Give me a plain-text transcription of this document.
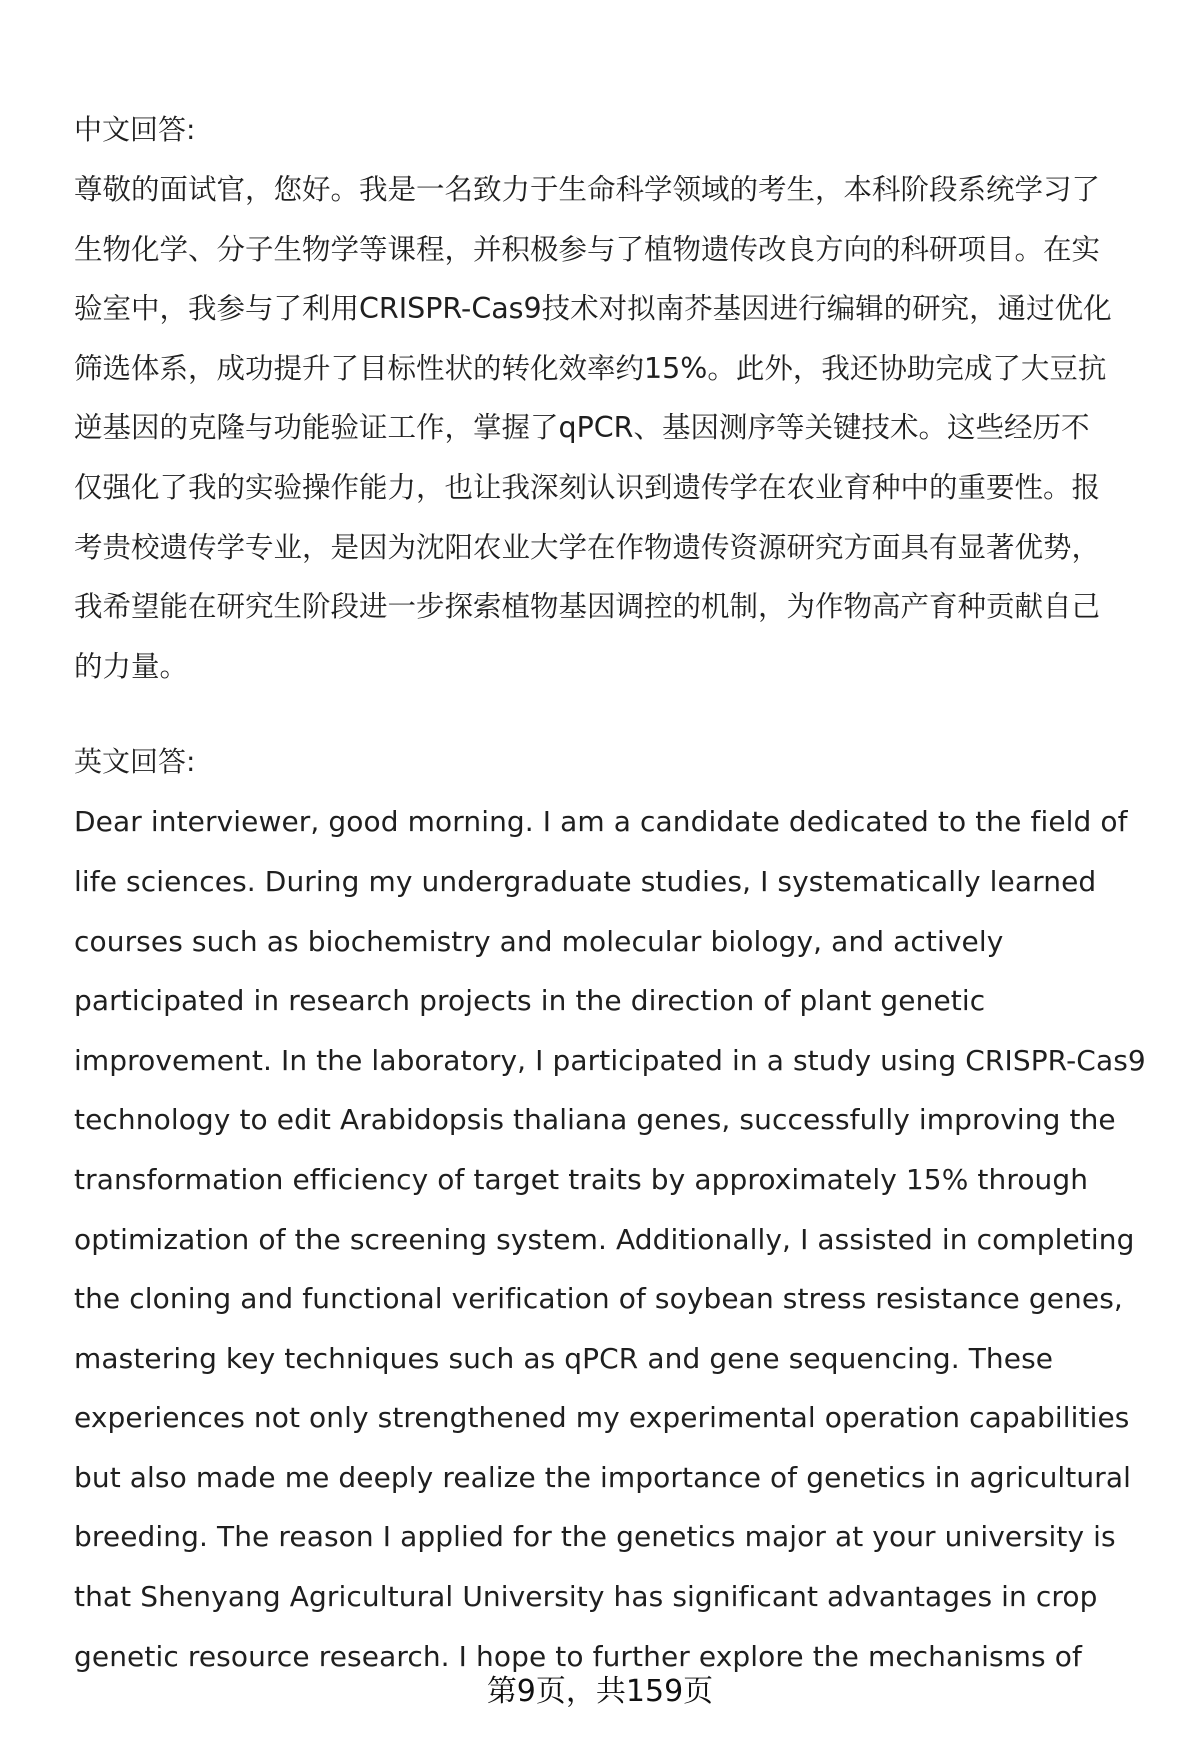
中文回答:
尊敬的面试官，您好。我是一名致力于生命科学领域的考生，本科阶段系统学习了
生物化学、分子生物学等课程，并积极参与了植物遗传改良方向的科研项目。在实
验室中，我参与了利用CRISPR-Cas9技术对拟南芥基因进行编辑的研究，通过优化
筛选体系，成功提升了目标性状的转化效率约15%。此外，我还协助完成了大豆抗
逆基因的克隆与功能验证工作，掌握了qPCR、基因测序等关键技术。这些经历不
仅强化了我的实验操作能力，也让我深刻认识到遗传学在农业育种中的重要性。报
考贵校遗传学专业，是因为沈阳农业大学在作物遗传资源研究方面具有显著优势，
我希望能在研究生阶段进一步探索植物基因调控的机制，为作物高产育种贡献自己
的力量。
英文回答:
Dear interviewer, good morning. I am a candidate dedicated to the field of
life sciences. During my undergraduate studies, I systematically learned
courses such as biochemistry and molecular biology, and actively
participated in research projects in the direction of plant genetic
improvement. In the laboratory, I participated in a study using CRISPR-Cas9
technology to edit Arabidopsis thaliana genes, successfully improving the
transformation efficiency of target traits by approximately 15% through
optimization of the screening system. Additionally, I assisted in completing
the cloning and functional verification of soybean stress resistance genes,
mastering key techniques such as qPCR and gene sequencing. These
experiences not only strengthened my experimental operation capabilities
but also made me deeply realize the importance of genetics in agricultural
breeding. The reason I applied for the genetics major at your university is
that Shenyang Agricultural University has significant advantages in crop
genetic resource research. I hope to further explore the mechanisms of
第9页，共159页
